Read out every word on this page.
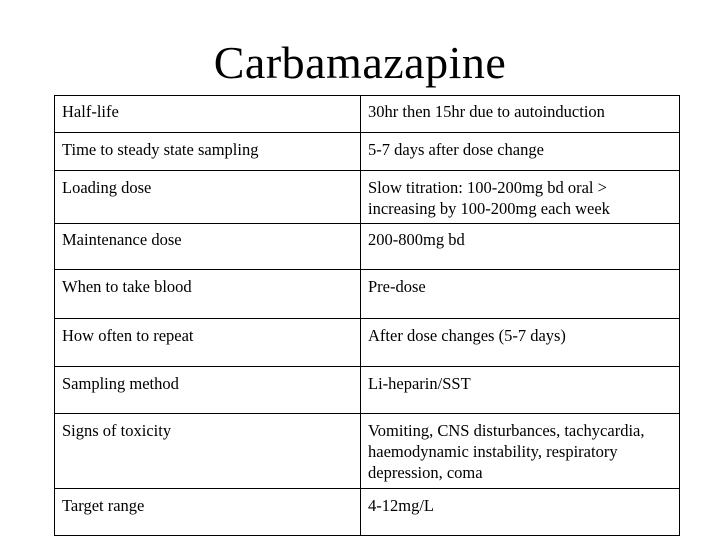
Carbamazapine
Half-life	30hr then 15hr due to autoinduction
Time to steady state sampling	5-7 days after dose change
Loading dose	Slow titration: 100-200mg bd oral > increasing by 100-200mg each week
Maintenance dose	200-800mg bd
When to take blood	Pre-dose
How often to repeat	After dose changes (5-7 days)
Sampling method	Li-heparin/SST
Signs of toxicity	Vomiting, CNS disturbances, tachycardia, haemodynamic instability, respiratory depression, coma
Target range	4-12mg/L
